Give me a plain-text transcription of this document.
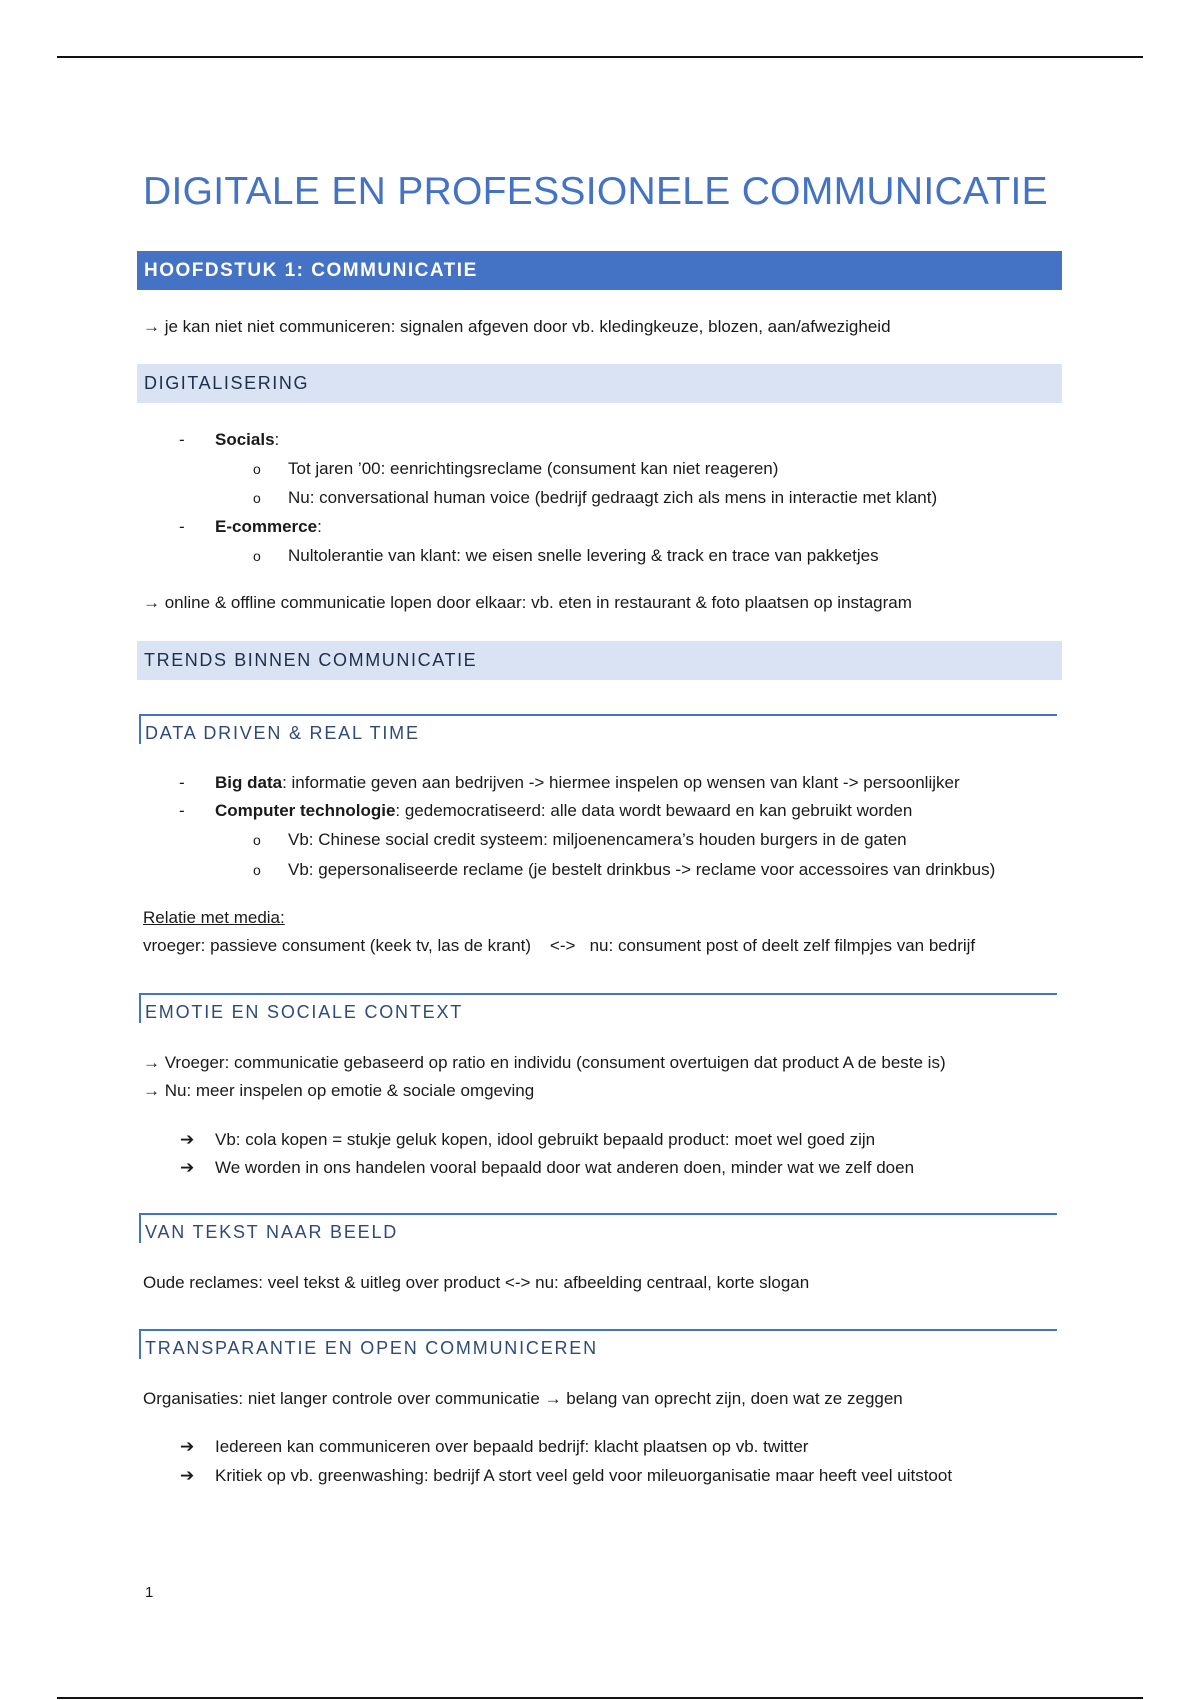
DIGITALE EN PROFESSIONELE COMMUNICATIE
HOOFDSTUK 1: COMMUNICATIE
→ je kan niet niet communiceren: signalen afgeven door vb. kledingkeuze, blozen, aan/afwezigheid
DIGITALISERING
- Socials:
o Tot jaren ’00: eenrichtingsreclame (consument kan niet reageren)
o Nu: conversational human voice (bedrijf gedraagt zich als mens in interactie met klant)
- E-commerce:
o Nultolerantie van klant: we eisen snelle levering & track en trace van pakketjes
→ online & offline communicatie lopen door elkaar: vb. eten in restaurant & foto plaatsen op instagram
TRENDS BINNEN COMMUNICATIE
DATA DRIVEN & REAL TIME
- Big data: informatie geven aan bedrijven -> hiermee inspelen op wensen van klant -> persoonlijker
- Computer technologie: gedemocratiseerd: alle data wordt bewaard en kan gebruikt worden
o Vb: Chinese social credit systeem: miljoenencamera’s houden burgers in de gaten
o Vb: gepersonaliseerde reclame (je bestelt drinkbus -> reclame voor accessoires van drinkbus)
Relatie met media:
vroeger: passieve consument (keek tv, las de krant)    <->   nu: consument post of deelt zelf filmpjes van bedrijf
EMOTIE EN SOCIALE CONTEXT
→ Vroeger: communicatie gebaseerd op ratio en individu (consument overtuigen dat product A de beste is)
→ Nu: meer inspelen op emotie & sociale omgeving
➔ Vb: cola kopen = stukje geluk kopen, idool gebruikt bepaald product: moet wel goed zijn
➔ We worden in ons handelen vooral bepaald door wat anderen doen, minder wat we zelf doen
VAN TEKST NAAR BEELD
Oude reclames: veel tekst & uitleg over product <-> nu: afbeelding centraal, korte slogan
TRANSPARANTIE EN OPEN COMMUNICEREN
Organisaties: niet langer controle over communicatie → belang van oprecht zijn, doen wat ze zeggen
➔ Iedereen kan communiceren over bepaald bedrijf: klacht plaatsen op vb. twitter
➔ Kritiek op vb. greenwashing: bedrijf A stort veel geld voor mileuorganisatie maar heeft veel uitstoot
1
